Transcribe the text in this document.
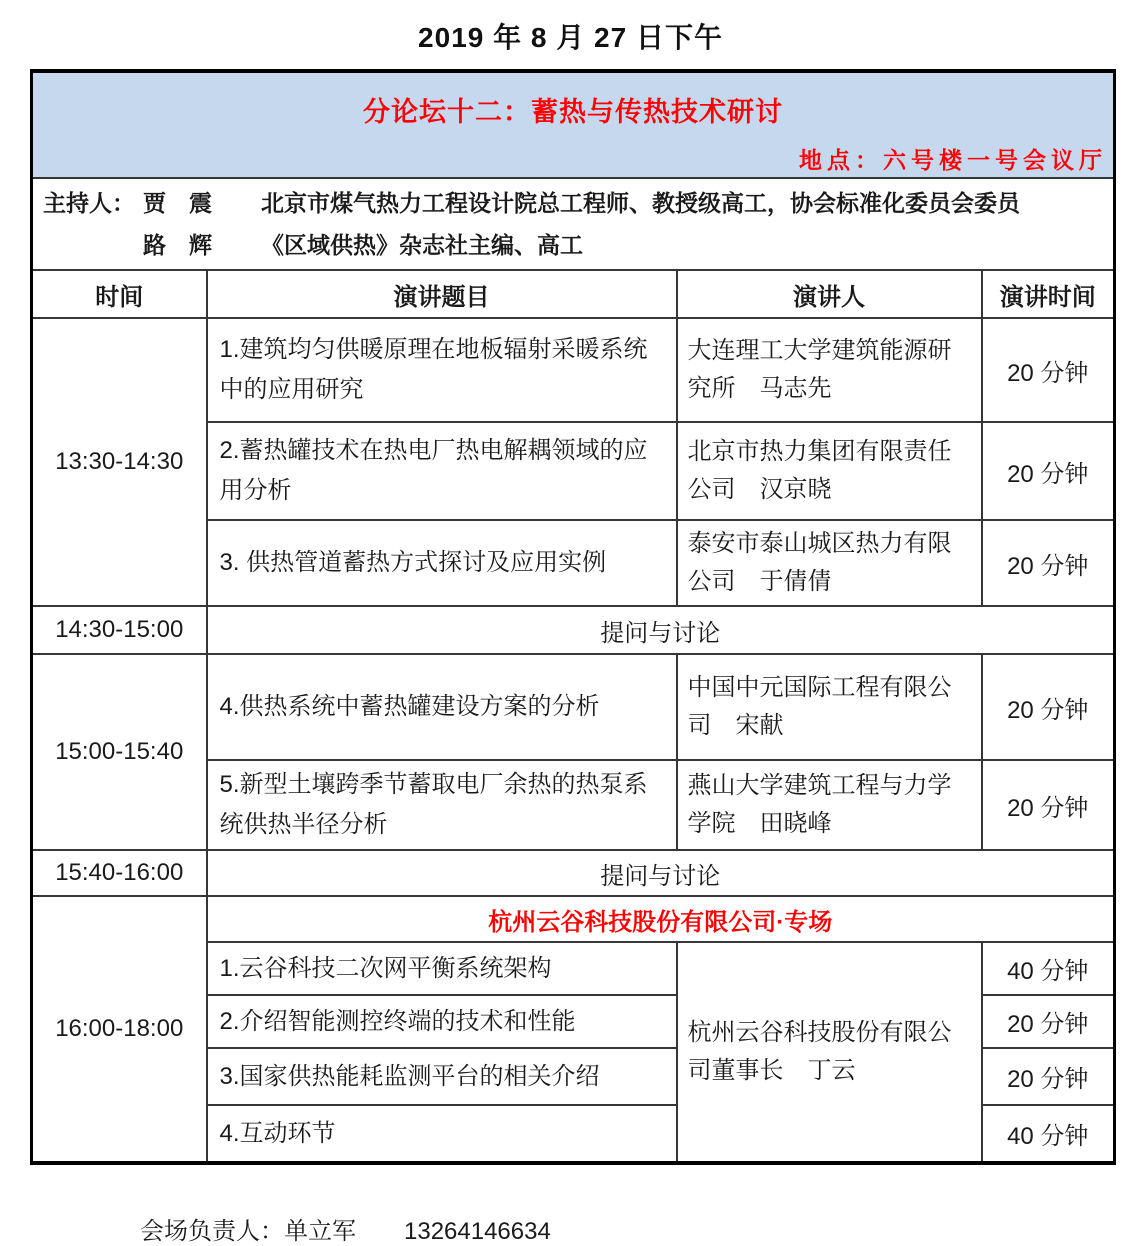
2019 年 8 月 27 日下午
分论坛十二：蓄热与传热技术研讨
地点：六号楼一号会议厅			

主持人： 贾　震 北京市煤气热力工程设计院总工程师、教授级高工，协会标准化委员会委员
路　辉 《区域供热》杂志社主编、高工			

时间	演讲题目	演讲人	演讲时间
13:30-14:30	1.建筑均匀供暖原理在地板辐射采暖系统中的应用研究	大连理工大学建筑能源研究所　马志先	20 分钟
	2.蓄热罐技术在热电厂热电解耦领域的应用分析	北京市热力集团有限责任公司　汉京晓	20 分钟
	3. 供热管道蓄热方式探讨及应用实例	泰安市泰山城区热力有限公司　于倩倩	20 分钟
14:30-15:00	提问与讨论		
15:00-15:40	4.供热系统中蓄热罐建设方案的分析	中国中元国际工程有限公司　宋献	20 分钟
	5.新型土壤跨季节蓄取电厂余热的热泵系统供热半径分析	燕山大学建筑工程与力学学院　田晓峰	20 分钟
15:40-16:00	提问与讨论		
16:00-18:00	杭州云谷科技股份有限公司·专场		
	1.云谷科技二次网平衡系统架构	杭州云谷科技股份有限公司董事长　丁云	40 分钟
	2.介绍智能测控终端的技术和性能		20 分钟
	3.国家供热能耗监测平台的相关介绍		20 分钟
	4.互动环节		40 分钟
会场负责人：单立军 13264146634
